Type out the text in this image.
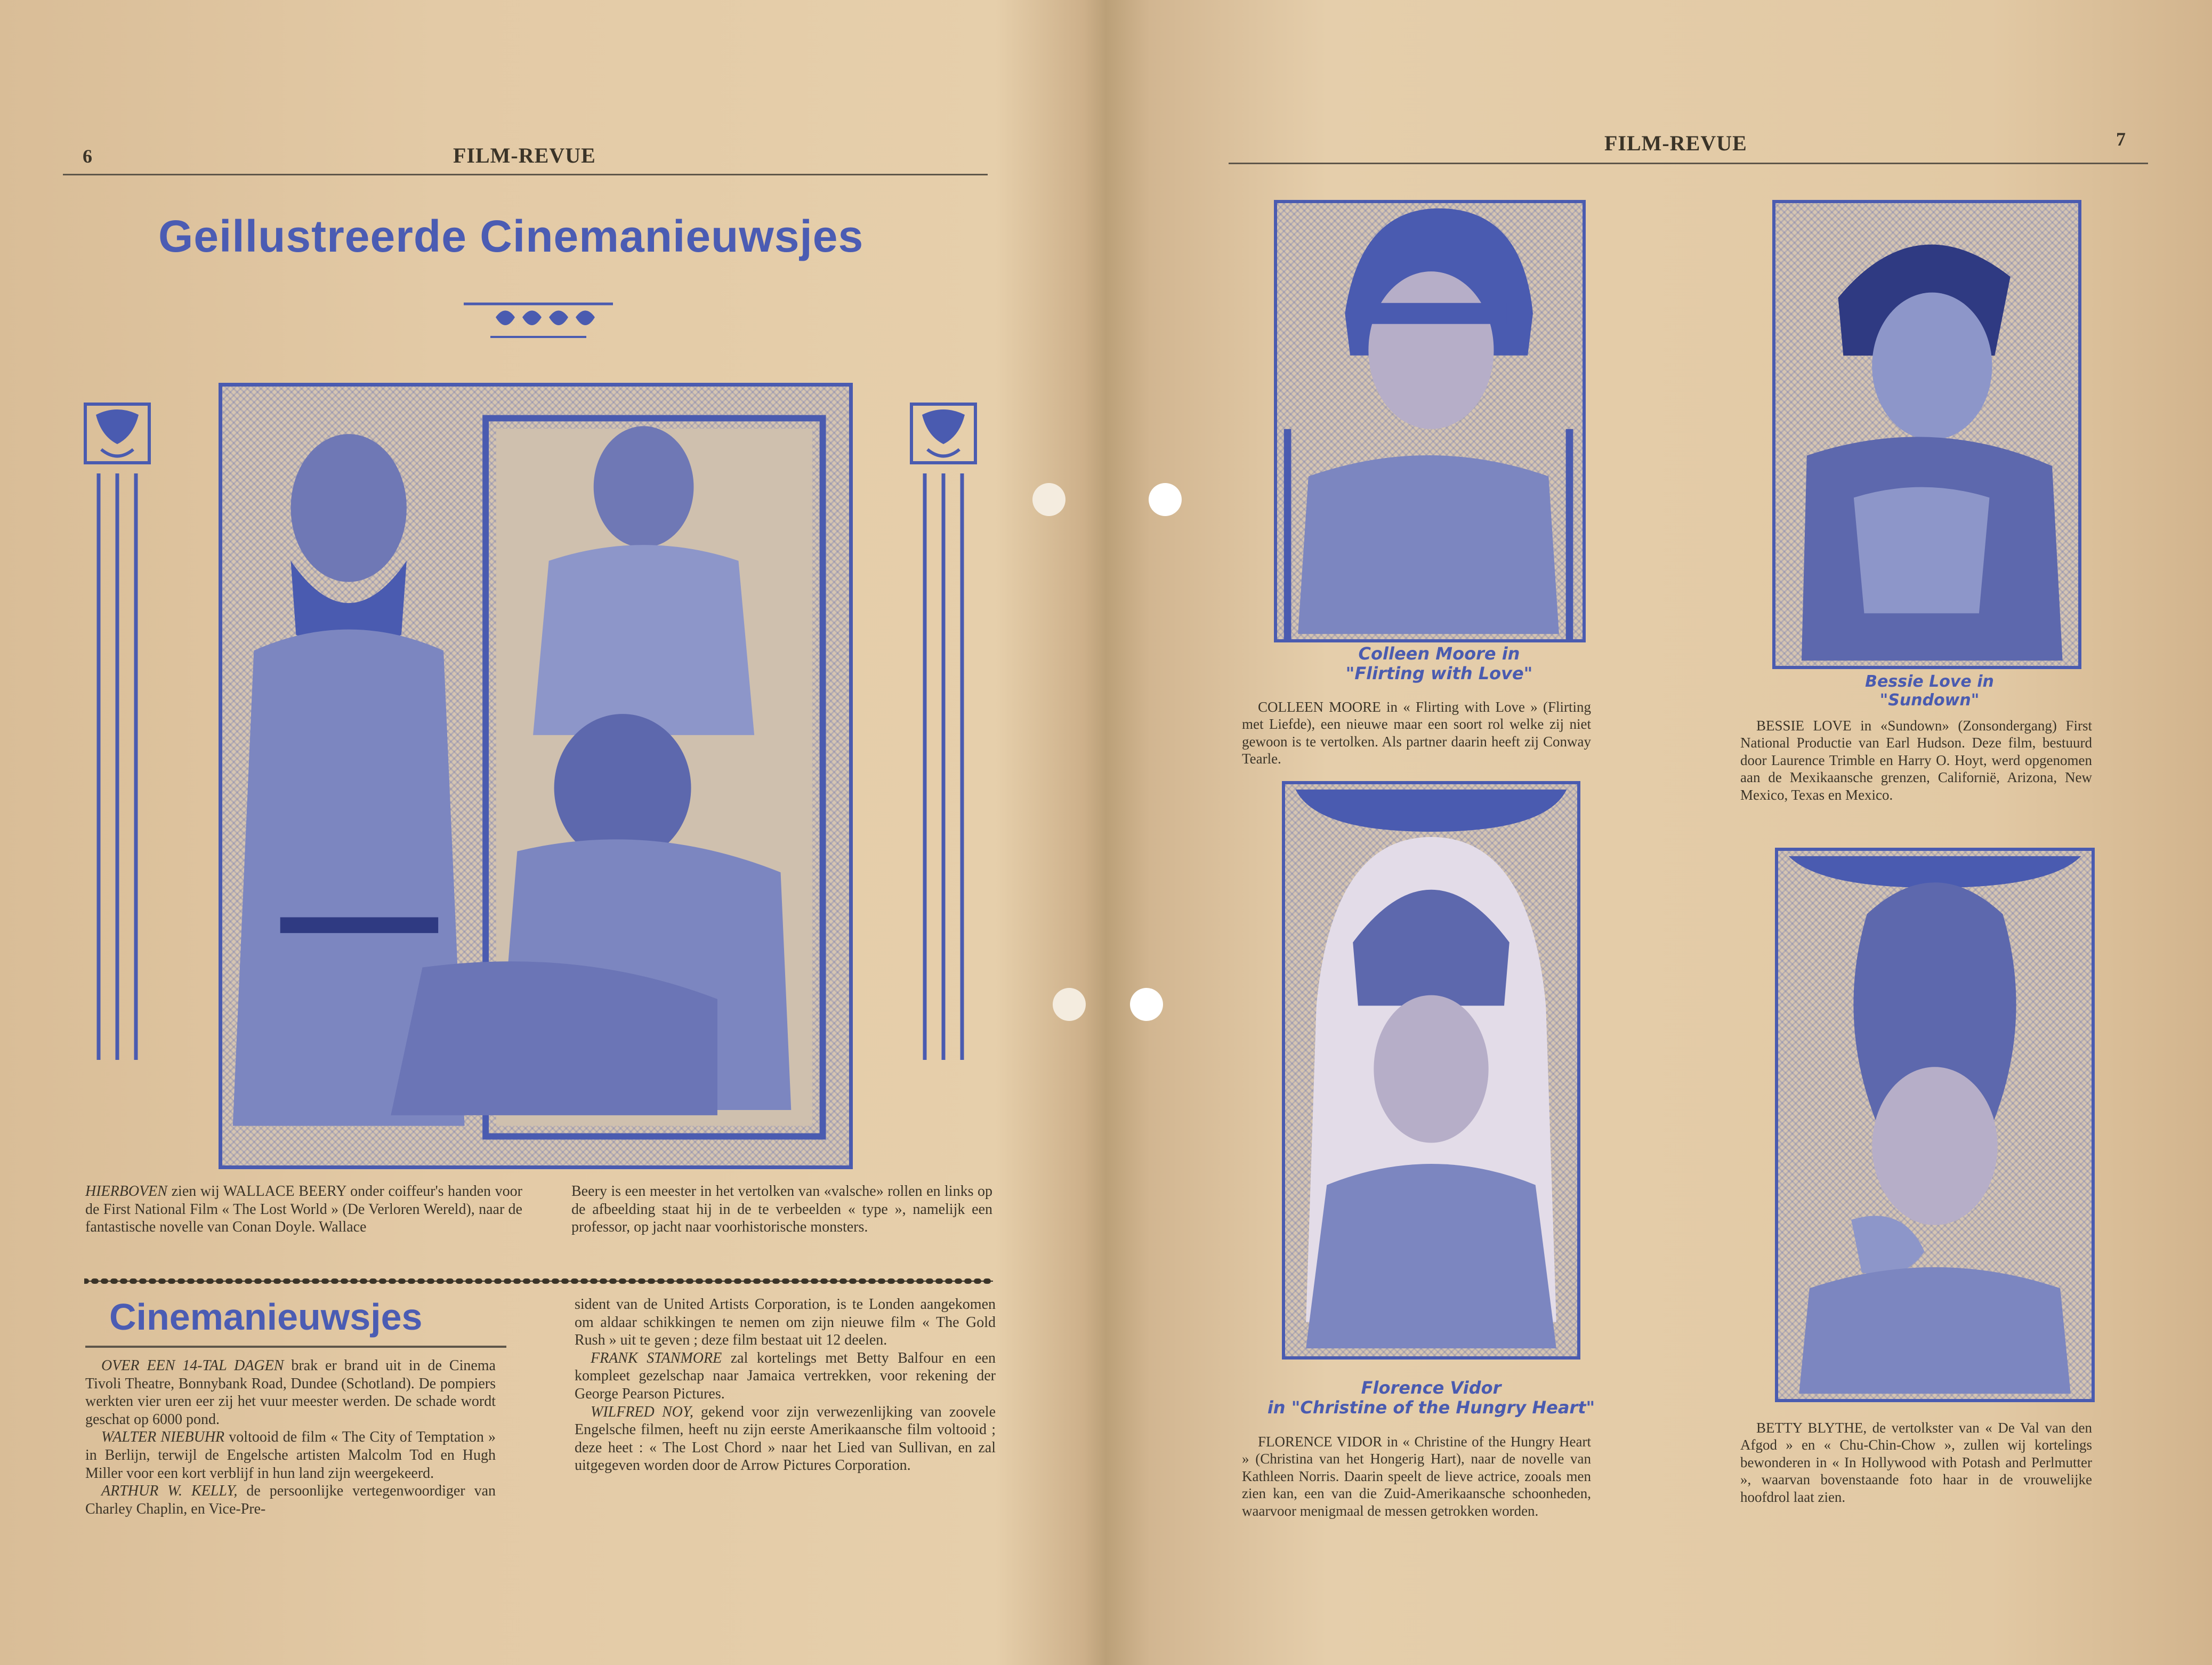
6	FILM-REVUE
Geillustreerde Cinemanieuwsjes

HIERBOVEN zien wij WALLACE BEERY onder coiffeur's handen voor de First National Film « The Lost World » (De Verloren Wereld), naar de fantastische novelle van Conan Doyle. Wallace

Beery is een meester in het vertolken van «valsche» rollen en links op de afbeelding staat hij in de te verbeelden « type », namelijk een professor, op jacht naar voorhistorische monsters.

Cinemanieuwsjes

OVER EEN 14-TAL DAGEN brak er brand uit in de Cinema Tivoli Theatre, Bonnybank Road, Dundee (Schotland). De pompiers werkten vier uren eer zij het vuur meester werden. De schade wordt geschat op 6000 pond.

WALTER NIEBUHR voltooid de film « The City of Temptation » in Berlijn, terwijl de Engelsche artisten Malcolm Tod en Hugh Miller voor een kort verblijf in hun land zijn weergekeerd.

ARTHUR W. KELLY, de persoonlijke vertegenwoordiger van Charley Chaplin, en Vice-Pre-

sident van de United Artists Corporation, is te Londen aangekomen om aldaar schikkingen te nemen om zijn nieuwe film « The Gold Rush » uit te geven ; deze film bestaat uit 12 deelen.

FRANK STANMORE zal kortelings met Betty Balfour en een kompleet gezelschap naar Jamaica vertrekken, voor rekening der George Pearson Pictures.

WILFRED NOY, gekend voor zijn verwezenlijking van zoovele Engelsche filmen, heeft nu zijn eerste Amerikaansche film voltooid ; deze heet : « The Lost Chord » naar het Lied van Sullivan, en zal uitgegeven worden door de Arrow Pictures Corporation.

FILM-REVUE	7
Colleen Moore in
"Flirting with Love"

COLLEEN MOORE in « Flirting with Love » (Flirting met Liefde), een nieuwe maar een soort rol welke zij niet gewoon is te vertolken. Als partner daarin heeft zij Conway Tearle.

Bessie Love in "Sundown"

BESSIE LOVE in «Sundown» (Zonsondergang) First National Productie van Earl Hudson. Deze film, bestuurd door Laurence Trimble en Harry O. Hoyt, werd opgenomen aan de Mexikaansche grenzen, Californië, Arizona, New Mexico, Texas en Mexico.

Florence Vidor
in "Christine of the Hungry Heart"

FLORENCE VIDOR in « Christine of the Hungry Heart » (Christina van het Hongerig Hart), naar de novelle van Kathleen Norris. Daarin speelt de lieve actrice, zooals men zien kan, een van die Zuid-Amerikaansche schoonheden, waarvoor menigmaal de messen getrokken worden.

BETTY BLYTHE, de vertolkster van « De Val van den Afgod » en « Chu-Chin-Chow », zullen wij kortelings bewonderen in « In Hollywood with Potash and Perlmutter », waarvan bovenstaande foto haar in de vrouwelijke hoofdrol laat zien.
